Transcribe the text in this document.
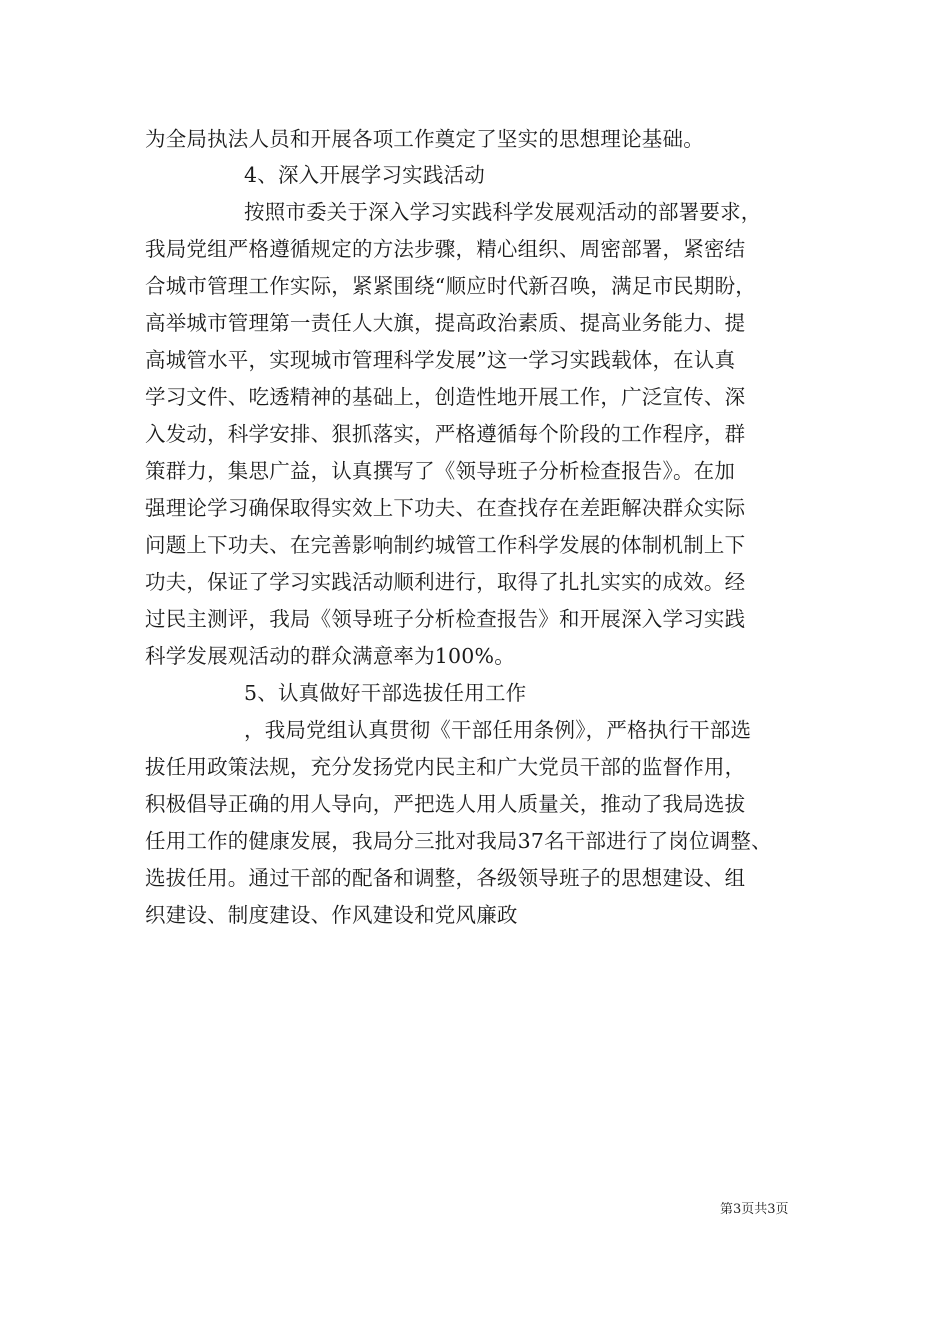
为全局执法人员和开展各项工作奠定了坚实的思想理论基础。
4、深入开展学习实践活动
按照市委关于深入学习实践科学发展观活动的部署要求，
我局党组严格遵循规定的方法步骤，精心组织、周密部署，紧密结
合城市管理工作实际，紧紧围绕“顺应时代新召唤，满足市民期盼，
高举城市管理第一责任人大旗，提高政治素质、提高业务能力、提
高城管水平，实现城市管理科学发展”这一学习实践载体，在认真
学习文件、吃透精神的基础上，创造性地开展工作，广泛宣传、深
入发动，科学安排、狠抓落实，严格遵循每个阶段的工作程序，群
策群力，集思广益，认真撰写了《领导班子分析检查报告》。在加
强理论学习确保取得实效上下功夫、在查找存在差距解决群众实际
问题上下功夫、在完善影响制约城管工作科学发展的体制机制上下
功夫，保证了学习实践活动顺利进行，取得了扎扎实实的成效。经
过民主测评，我局《领导班子分析检查报告》和开展深入学习实践
科学发展观活动的群众满意率为100%。
5、认真做好干部选拔任用工作
，我局党组认真贯彻《干部任用条例》，严格执行干部选
拔任用政策法规，充分发扬党内民主和广大党员干部的监督作用，
积极倡导正确的用人导向，严把选人用人质量关，推动了我局选拔
任用工作的健康发展，我局分三批对我局37名干部进行了岗位调整、
选拔任用。通过干部的配备和调整，各级领导班子的思想建设、组
织建设、制度建设、作风建设和党风廉政
第3页共3页
